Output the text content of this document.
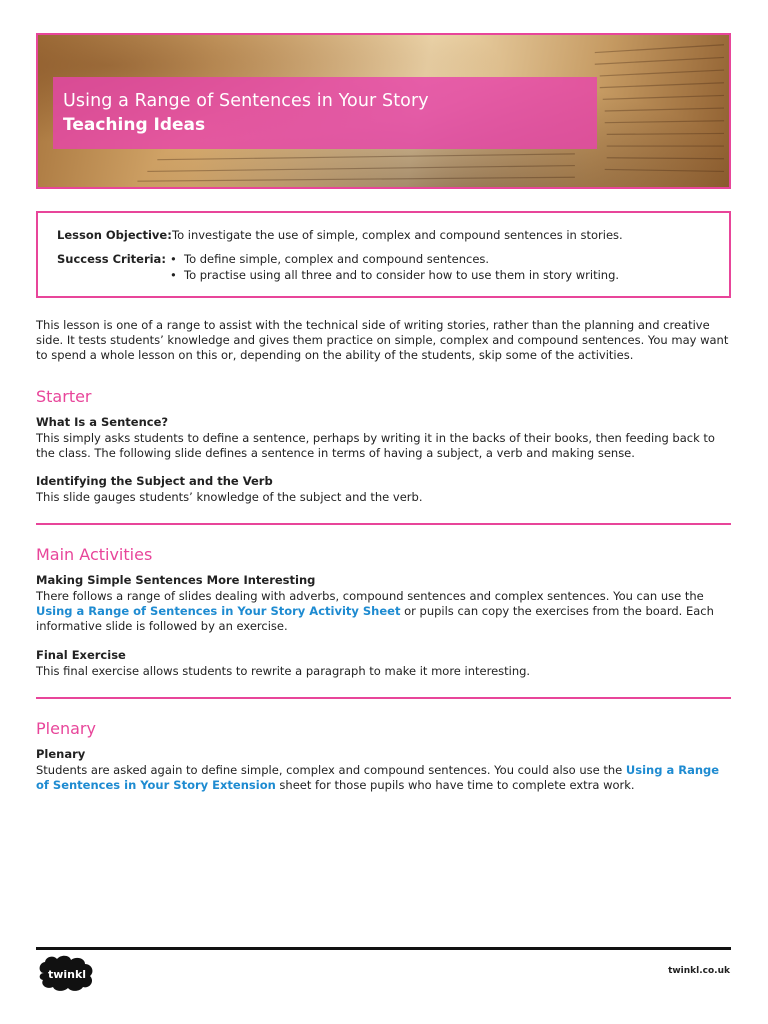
Using a Range of Sentences in Your Story
Teaching Ideas
Lesson Objective: To investigate the use of simple, complex and compound sentences in stories.
Success Criteria:
•	To define simple, complex and compound sentences.
• To practise using all three and to consider how to use them in story writing.
This lesson is one of a range to assist with the technical side of writing stories, rather than the planning and creative side. It tests students’ knowledge and gives them practice on simple, complex and compound sentences. You may want to spend a whole lesson on this or, depending on the ability of the students, skip some of the activities.
Starter
What Is a Sentence?
This simply asks students to define a sentence, perhaps by writing it in the backs of their books, then feeding back to the class. The following slide defines a sentence in terms of having a subject, a verb and making sense.
Identifying the Subject and the Verb
This slide gauges students’ knowledge of the subject and the verb.
Main Activities
Making Simple Sentences More Interesting
There follows a range of slides dealing with adverbs, compound sentences and complex sentences. You can use the Using a Range of Sentences in Your Story Activity Sheet or pupils can copy the exercises from the board. Each informative slide is followed by an exercise.
Final Exercise
This final exercise allows students to rewrite a paragraph to make it more interesting.
Plenary
Plenary
Students are asked again to define simple, complex and compound sentences. You could also use the Using a Range of Sentences in Your Story Extension sheet for those pupils who have time to complete extra work.
twinkl	twinkl.co.uk
